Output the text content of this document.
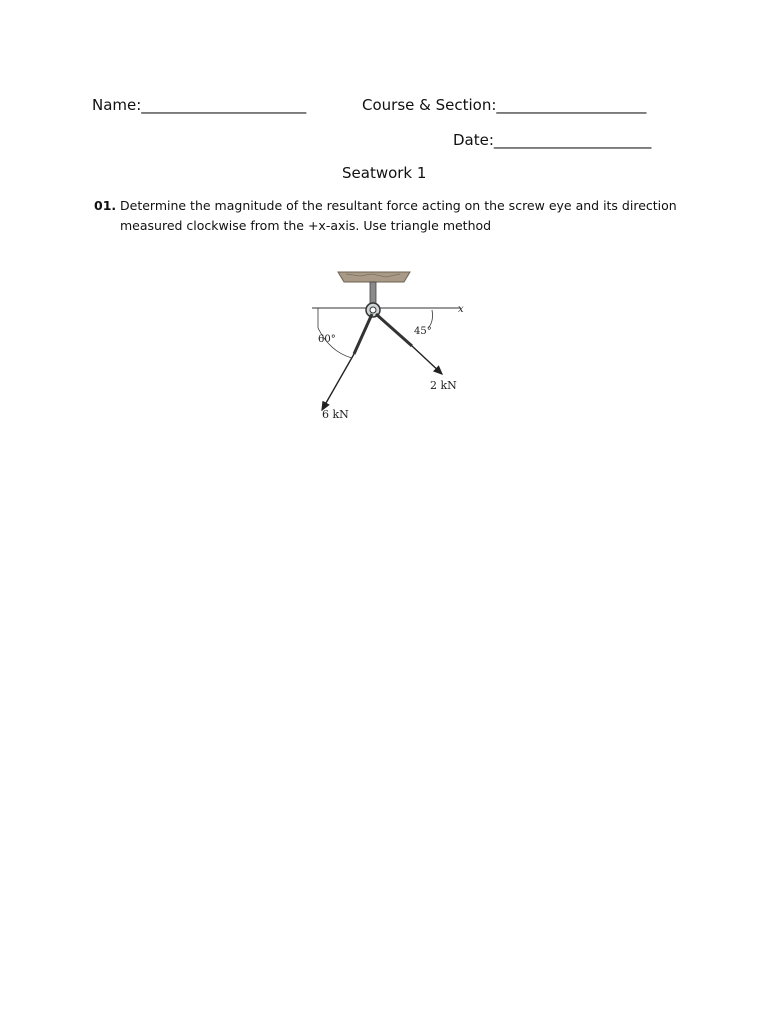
Name:______________________	Course & Section:____________________
Date:_____________________
Seatwork 1
01. Determine the magnitude of the resultant force acting on the screw eye and its direction
measured clockwise from the +x-axis. Use triangle method
x
60°
45°
2 kN
6 kN
